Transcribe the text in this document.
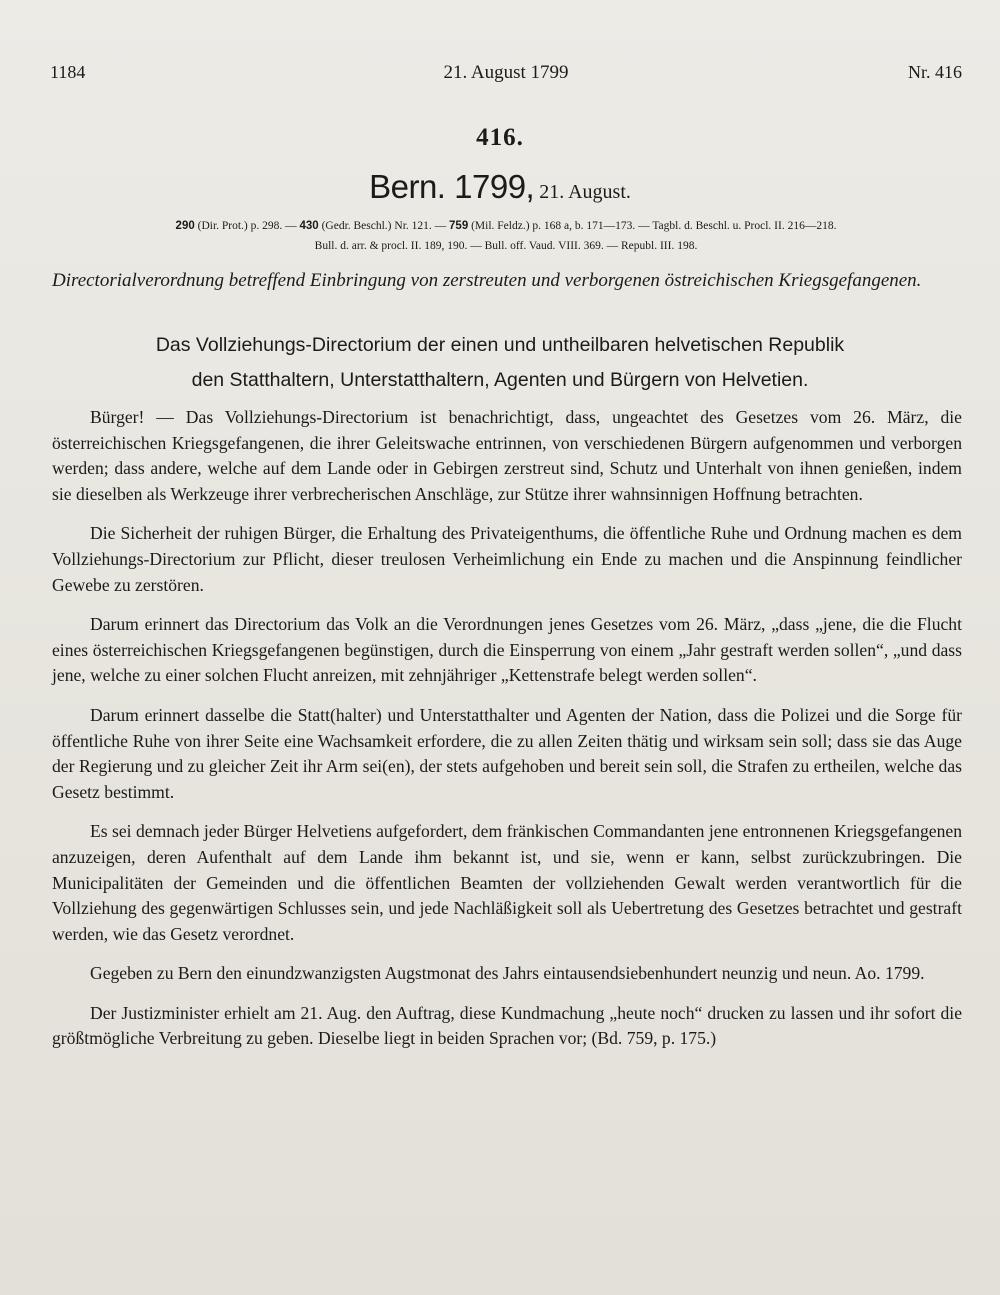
1184	21. August 1799	Nr. 416
416.
Bern. 1799, 21. August.
290 (Dir. Prot.) p. 298. — 430 (Gedr. Beschl.) Nr. 121. — 759 (Mil. Feldz.) p. 168 a, b. 171—173. — Tagbl. d. Beschl. u. Procl. II. 216—218.
Bull. d. arr. & procl. II. 189, 190. — Bull. off. Vaud. VIII. 369. — Republ. III. 198.
Directorialverordnung betreffend Einbringung von zerstreuten und verborgenen östreichischen Kriegsgefangenen.
Das Vollziehungs-Directorium der einen und untheilbaren helvetischen Republik
den Statthaltern, Unterstatthaltern, Agenten und Bürgern von Helvetien.

Bürger! — Das Vollziehungs-Directorium ist benachrichtigt, dass, ungeachtet des Gesetzes vom 26. März, die österreichischen Kriegsgefangenen, die ihrer Geleitswache entrinnen, von verschiedenen Bürgern aufgenommen und verborgen werden; dass andere, welche auf dem Lande oder in Gebirgen zerstreut sind, Schutz und Unterhalt von ihnen genießen, indem sie dieselben als Werkzeuge ihrer verbrecherischen Anschläge, zur Stütze ihrer wahnsinnigen Hoffnung betrachten.

Die Sicherheit der ruhigen Bürger, die Erhaltung des Privateigenthums, die öffentliche Ruhe und Ordnung machen es dem Vollziehungs-Directorium zur Pflicht, dieser treulosen Verheimlichung ein Ende zu machen und die Anspinnung feindlicher Gewebe zu zerstören.

Darum erinnert das Directorium das Volk an die Verordnungen jenes Gesetzes vom 26. März, „dass „jene, die die Flucht eines österreichischen Kriegsgefangenen begünstigen, durch die Einsperrung von einem „Jahr gestraft werden sollen“, „und dass jene, welche zu einer solchen Flucht anreizen, mit zehnjähriger „Kettenstrafe belegt werden sollen“.

Darum erinnert dasselbe die Statt(halter) und Unterstatthalter und Agenten der Nation, dass die Polizei und die Sorge für öffentliche Ruhe von ihrer Seite eine Wachsamkeit erfordere, die zu allen Zeiten thätig und wirksam sein soll; dass sie das Auge der Regierung und zu gleicher Zeit ihr Arm sei(en), der stets aufgehoben und bereit sein soll, die Strafen zu ertheilen, welche das Gesetz bestimmt.

Es sei demnach jeder Bürger Helvetiens aufgefordert, dem fränkischen Commandanten jene entronnenen Kriegsgefangenen anzuzeigen, deren Aufenthalt auf dem Lande ihm bekannt ist, und sie, wenn er kann, selbst zurückzubringen. Die Municipalitäten der Gemeinden und die öffentlichen Beamten der vollziehenden Gewalt werden verantwortlich für die Vollziehung des gegenwärtigen Schlusses sein, und jede Nachläßigkeit soll als Uebertretung des Gesetzes betrachtet und gestraft werden, wie das Gesetz verordnet.

Gegeben zu Bern den einundzwanzigsten Augstmonat des Jahrs eintausendsiebenhundert neunzig und neun. Ao. 1799.

Der Justizminister erhielt am 21. Aug. den Auftrag, diese Kundmachung „heute noch“ drucken zu lassen und ihr sofort die größtmögliche Verbreitung zu geben. Dieselbe liegt in beiden Sprachen vor; (Bd. 759, p. 175.)
